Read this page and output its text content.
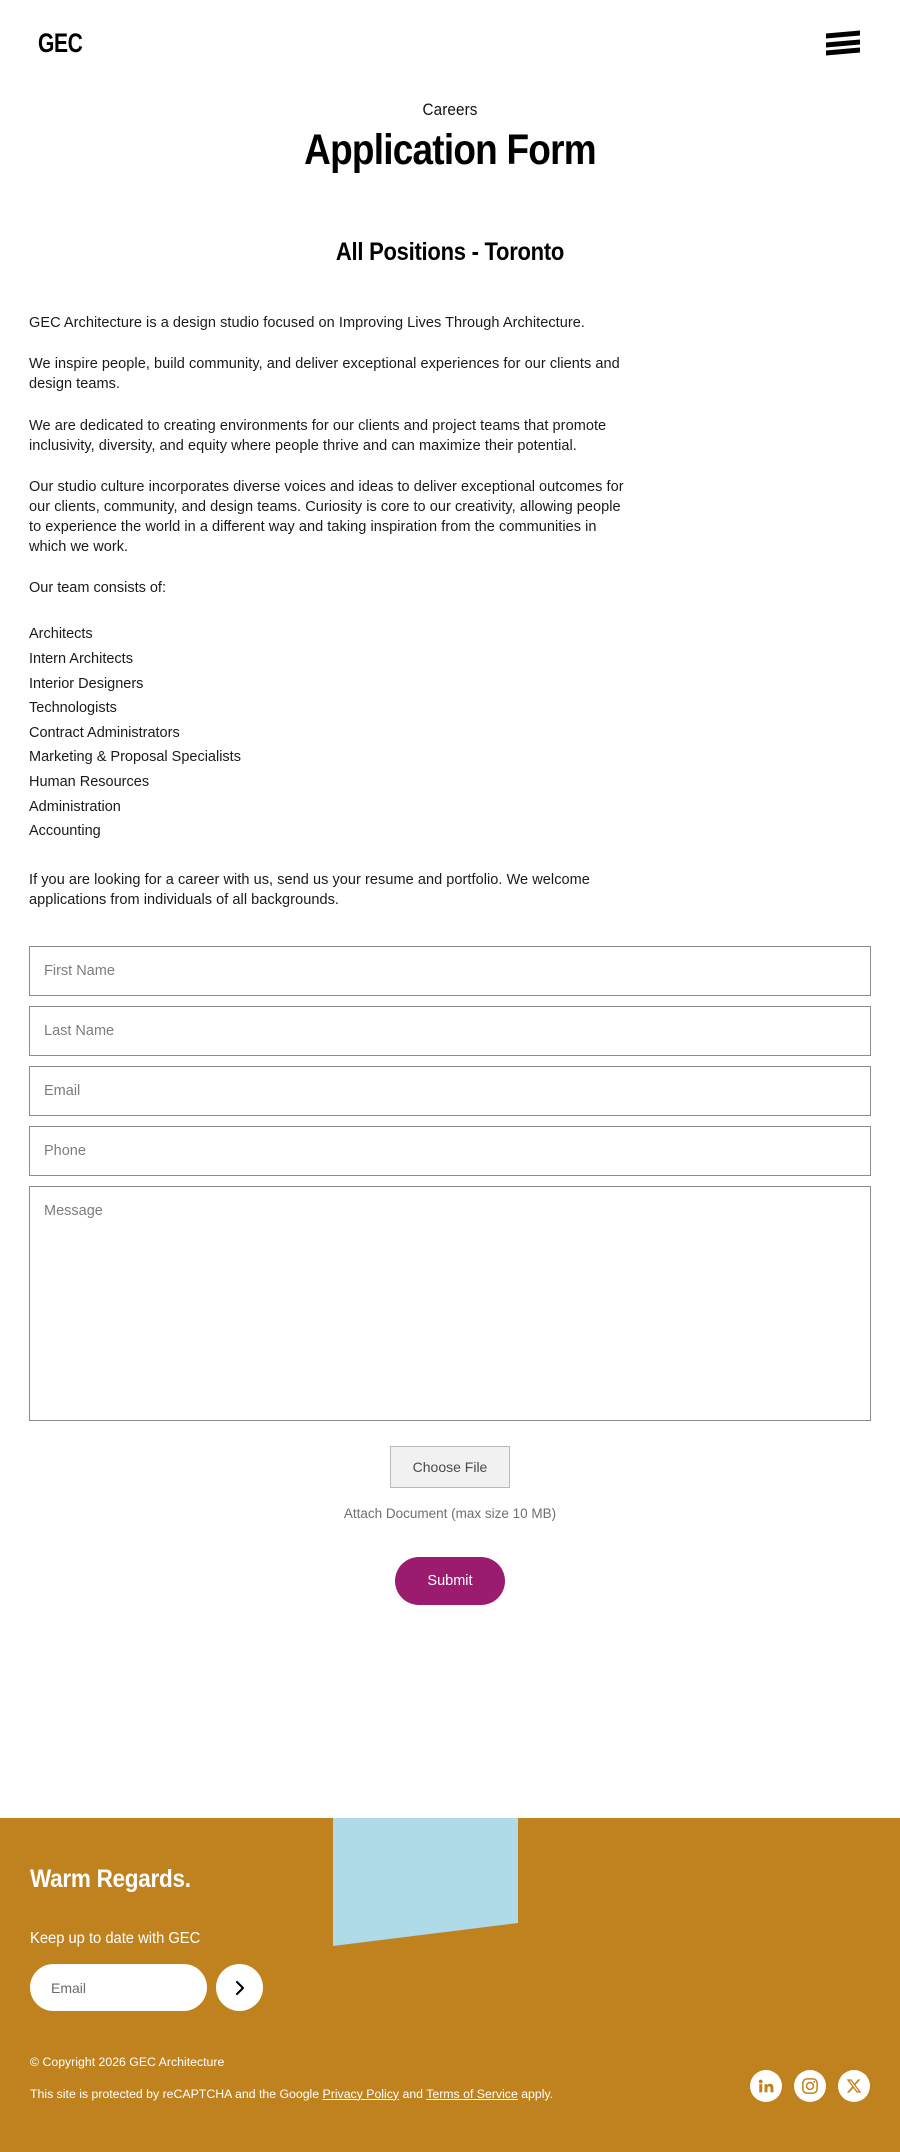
GEC
Careers
Application Form
All Positions - Toronto

GEC Architecture is a design studio focused on Improving Lives Through Architecture.

We inspire people, build community, and deliver exceptional experiences for our clients and design teams.

We are dedicated to creating environments for our clients and project teams that promote inclusivity, diversity, and equity where people thrive and can maximize their potential.

Our studio culture incorporates diverse voices and ideas to deliver exceptional outcomes for our clients, community, and design teams. Curiosity is core to our creativity, allowing people to experience the world in a different way and taking inspiration from the communities in which we work.

Our team consists of:

Architects
Intern Architects
Interior Designers
Technologists
Contract Administrators
Marketing & Proposal Specialists
Human Resources
Administration
Accounting

If you are looking for a career with us, send us your resume and portfolio. We welcome applications from individuals of all backgrounds.

First Name Last Name Email Phone Message
Choose File
Attach Document (max size 10 MB)
Submit
Warm Regards.
Keep up to date with GEC
Email
© Copyright 2026 GEC Architecture
This site is protected by reCAPTCHA and the Google Privacy Policy and Terms of Service apply.
